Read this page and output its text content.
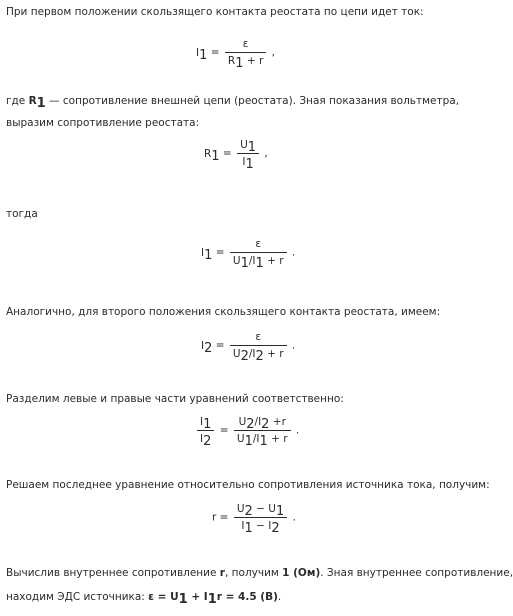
При первом положении скользящего контакта реостата по цепи идет ток:
$I1 = \frac{\varepsilon}{R1 + r}$ ,
где R1 — сопротивление внешней цепи (реостата). Зная показания вольтметра,
выразим сопротивление реостата:
$R1 = \frac{U1}{I1}$ ,
тогда
$I1 = \frac{\varepsilon}{U1/I1 + r}$ .
Аналогично, для второго положения скользящего контакта реостата, имеем:
$I2 = \frac{\varepsilon}{U2/I2 + r}$ .
Разделим левые и правые части уравнений соответственно:
$\frac{I1}{I2} = \frac{U2/I2 +r}{U1/I1 + r}$ .
Решаем последнее уравнение относительно сопротивления источника тока, получим:
$r = \frac{U2 - U1}{I1 - I2}$ .
Вычислив внутреннее сопротивление r, получим 1 (Ом). Зная внутреннее сопротивление,
находим ЭДС источника: ε = U1 + I1r = 4.5 (В).
